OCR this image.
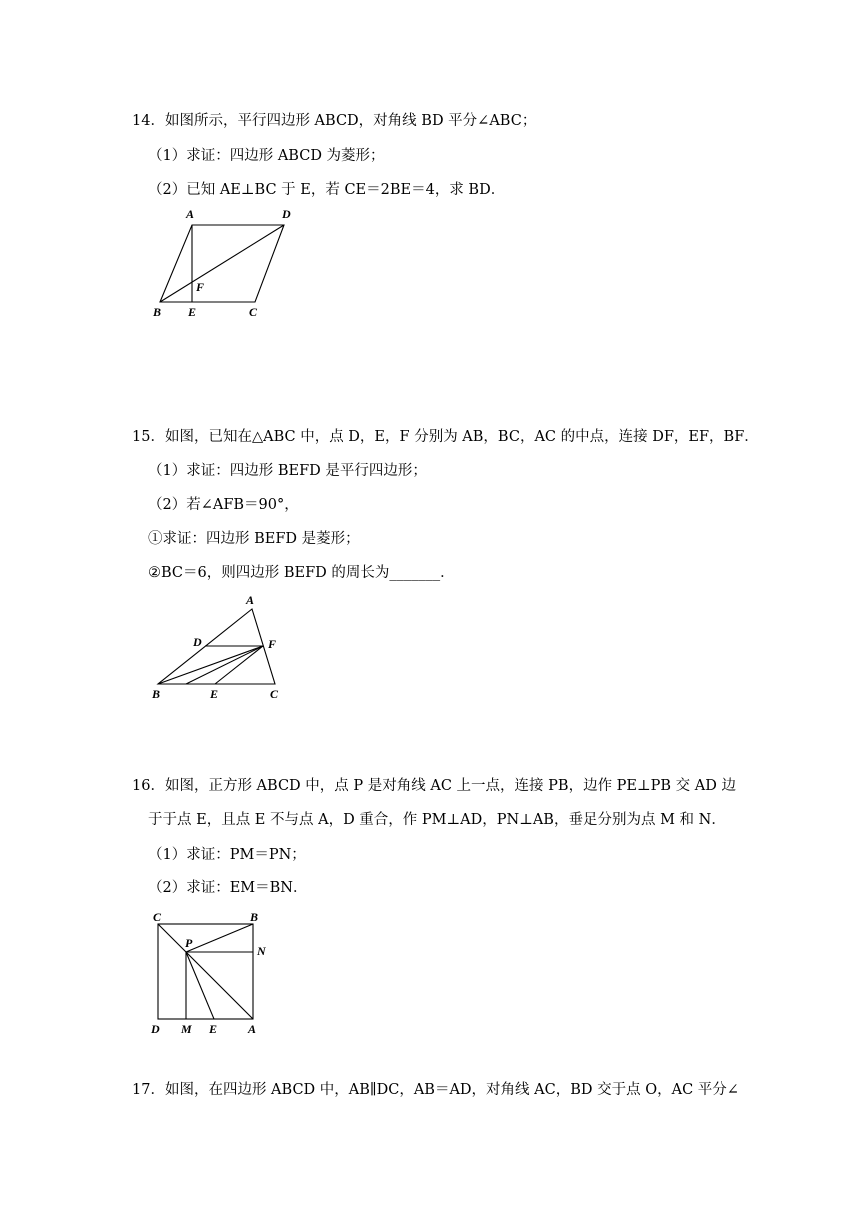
14．如图所示，平行四边形 ABCD，对角线 BD 平分∠ABC；
（1）求证：四边形 ABCD 为菱形；
（2）已知 AE⊥BC 于 E，若 CE＝2BE＝4，求 BD．
A	D
F
B E	C
15．如图，已知在△ABC 中，点 D，E，F 分别为 AB，BC，AC 的中点，连接 DF，EF，BF．
（1）求证：四边形 BEFD 是平行四边形；
（2）若∠AFB＝90°，
①求证：四边形 BEFD 是菱形；
②BC＝6，则四边形 BEFD 的周长为_______．
A
D	F
B	E	C
16．如图，正方形 ABCD 中，点 P 是对角线 AC 上一点，连接 PB，边作 PE⊥PB 交 AD 边
于于点 E，且点 E 不与点 A，D 重合，作 PM⊥AD，PN⊥AB，垂足分别为点 M 和 N．
（1）求证：PM＝PN；
（2）求证：EM＝BN．
C	B
P
N
D M E	A
17．如图，在四边形 ABCD 中，AB∥DC，AB＝AD，对角线 AC，BD 交于点 O，AC 平分∠
